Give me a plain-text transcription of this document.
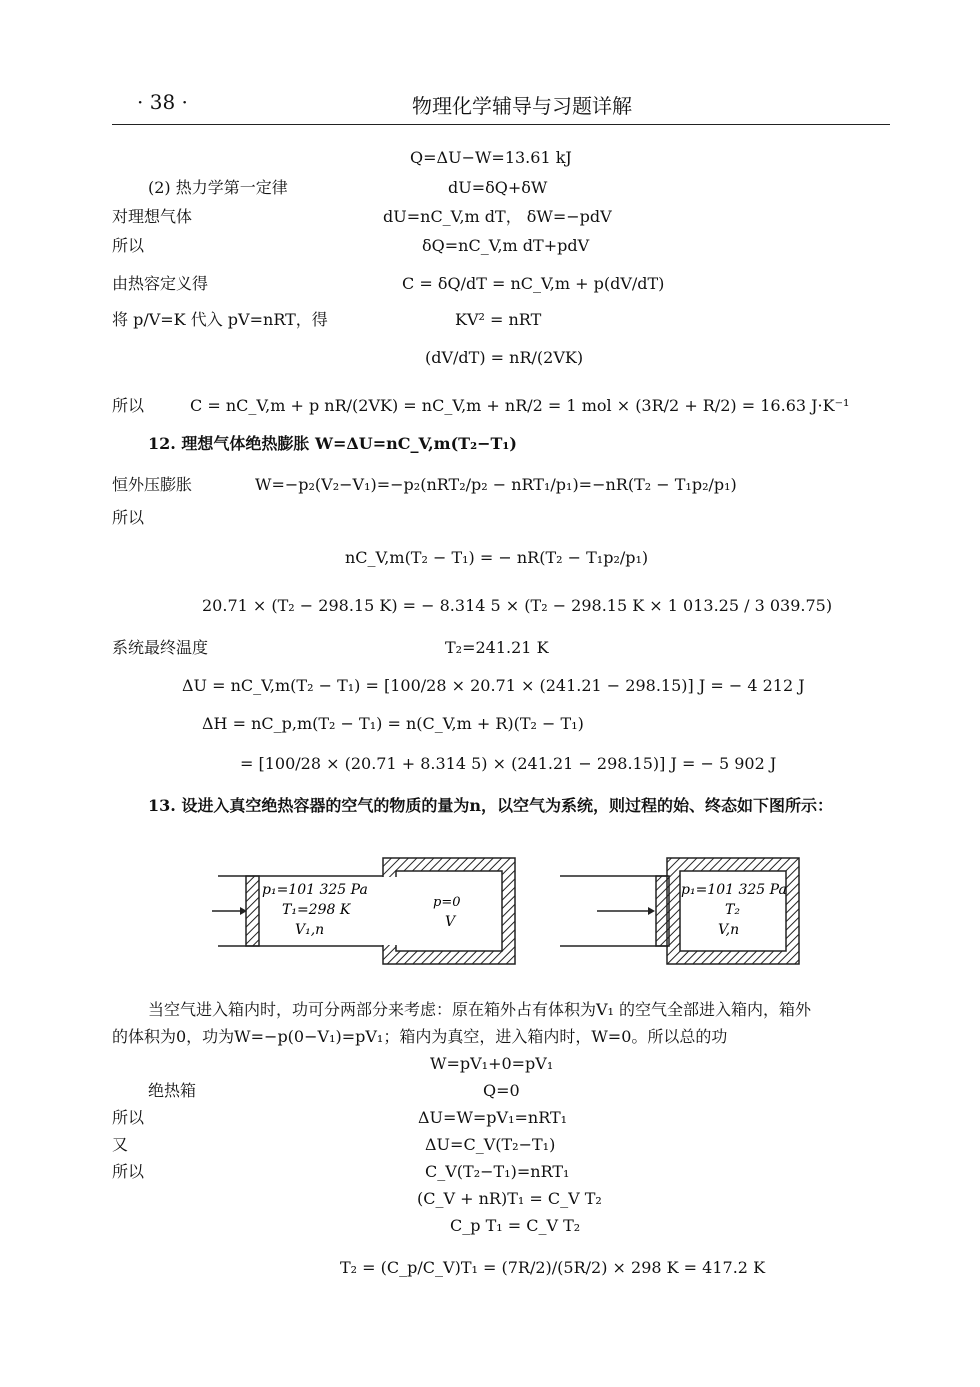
· 38 ·	物理化学辅导与习题详解
Q=ΔU−W=13.61 kJ
(2) 热力学第一定律	dU=δQ+δW
对理想气体	dU=nC_V,m dT， δW=−pdV
所以	δQ=nC_V,m dT+pdV
由热容定义得	C = δQ/dT = nC_V,m + p(dV/dT)
将 p/V=K 代入 pV=nRT，得	KV² = nRT
(dV/dT) = nR/(2VK)
所以	C = nC_V,m + p nR/(2VK) = nC_V,m + nR/2 = 1 mol × (3R/2 + R/2) = 16.63 J·K⁻¹
12. 理想气体绝热膨胀 W=ΔU=nC_V,m(T₂−T₁)
恒外压膨胀	W=−p₂(V₂−V₁)=−p₂(nRT₂/p₂ − nRT₁/p₁)=−nR(T₂ − T₁p₂/p₁)
所以
nC_V,m(T₂ − T₁) = − nR(T₂ − T₁p₂/p₁)
20.71 × (T₂ − 298.15 K) = − 8.314 5 × (T₂ − 298.15 K × 1 013.25 / 3 039.75)
系统最终温度	T₂=241.21 K
ΔU = nC_V,m(T₂ − T₁) = [100/28 × 20.71 × (241.21 − 298.15)] J = − 4 212 J
ΔH = nC_p,m(T₂ − T₁) = n(C_V,m + R)(T₂ − T₁)
= [100/28 × (20.71 + 8.314 5) × (241.21 − 298.15)] J = − 5 902 J
13. 设进入真空绝热容器的空气的物质的量为n，以空气为系统，则过程的始、终态如下图所示：
p₁=101 325 Pa
T₁=298 K
V₁,n
p=0
V
p₁=101 325 Pa
T₂
V,n
当空气进入箱内时，功可分两部分来考虑：原在箱外占有体积为V₁ 的空气全部进入箱内，箱外
的体积为0，功为W=−p(0−V₁)=pV₁；箱内为真空，进入箱内时，W=0。所以总的功
W=pV₁+0=pV₁
绝热箱	Q=0
所以	ΔU=W=pV₁=nRT₁
又	ΔU=C_V(T₂−T₁)
所以	C_V(T₂−T₁)=nRT₁
(C_V + nR)T₁ = C_V T₂
C_p T₁ = C_V T₂
T₂ = (C_p/C_V)T₁ = (7R/2)/(5R/2) × 298 K = 417.2 K
